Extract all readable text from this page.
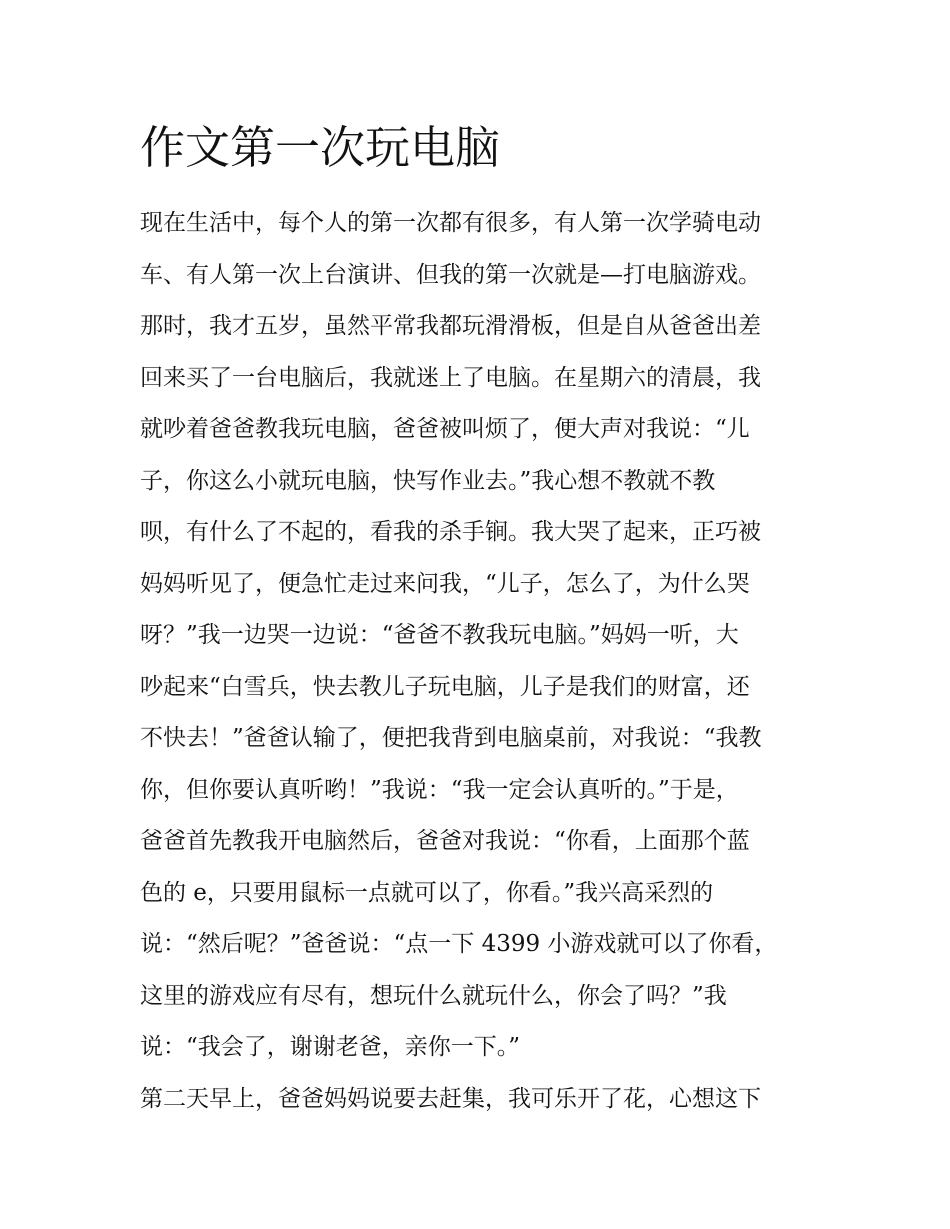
作文第一次玩电脑
现在生活中，每个人的第一次都有很多，有人第一次学骑电动
车、有人第一次上台演讲、但我的第一次就是—打电脑游戏。
那时，我才五岁，虽然平常我都玩滑滑板，但是自从爸爸出差
回来买了一台电脑后，我就迷上了电脑。在星期六的清晨，我
就吵着爸爸教我玩电脑，爸爸被叫烦了，便大声对我说：“儿
子，你这么小就玩电脑，快写作业去。”我心想不教就不教
呗，有什么了不起的，看我的杀手锏。我大哭了起来，正巧被
妈妈听见了，便急忙走过来问我，“儿子，怎么了，为什么哭
呀？”我一边哭一边说：“爸爸不教我玩电脑。”妈妈一听，大
吵起来“白雪兵，快去教儿子玩电脑，儿子是我们的财富，还
不快去！”爸爸认输了，便把我背到电脑桌前，对我说：“我教
你，但你要认真听哟！”我说：“我一定会认真听的。”于是，
爸爸首先教我开电脑然后，爸爸对我说：“你看，上面那个蓝
色的 e，只要用鼠标一点就可以了，你看。”我兴高采烈的
说：“然后呢？”爸爸说：“点一下 4399 小游戏就可以了你看，
这里的游戏应有尽有，想玩什么就玩什么，你会了吗？”我
说：“我会了，谢谢老爸，亲你一下。”
第二天早上，爸爸妈妈说要去赶集，我可乐开了花，心想这下
